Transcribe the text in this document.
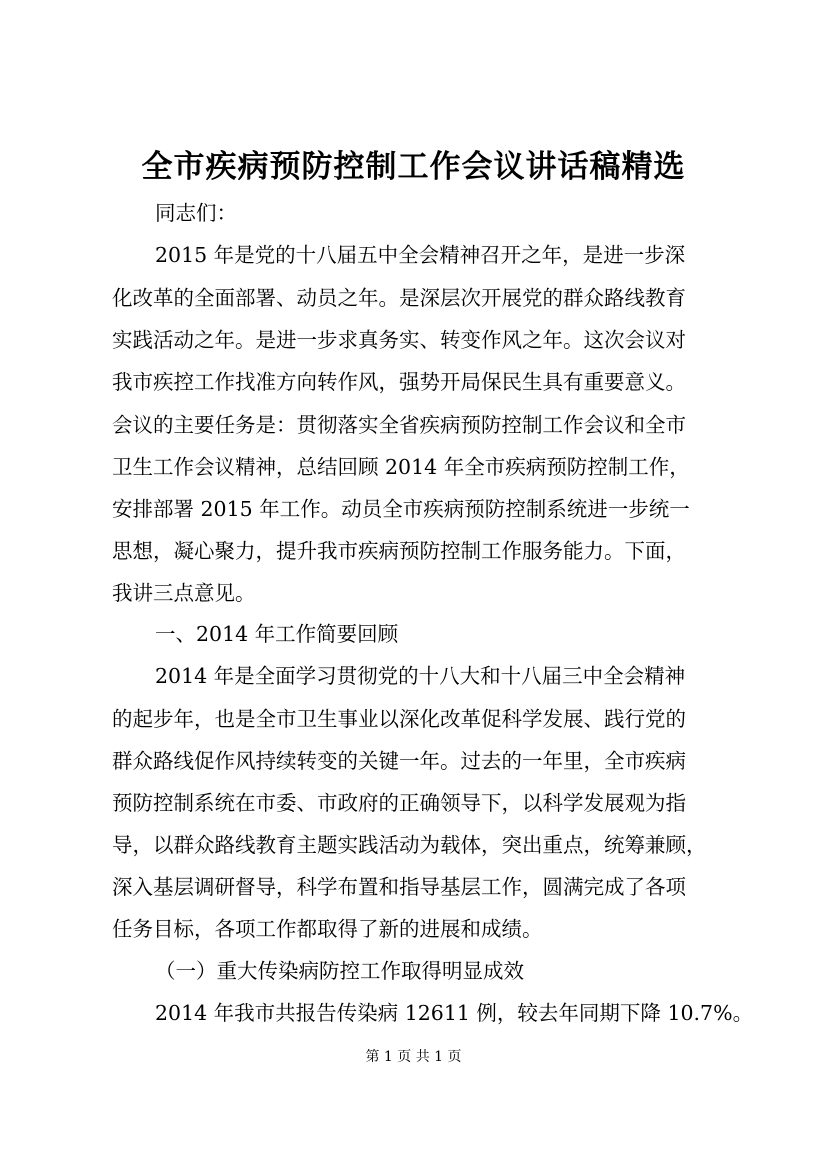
全市疾病预防控制工作会议讲话稿精选
同志们：
2015 年是党的十八届五中全会精神召开之年，是进一步深
化改革的全面部署、动员之年。是深层次开展党的群众路线教育
实践活动之年。是进一步求真务实、转变作风之年。这次会议对
我市疾控工作找准方向转作风，强势开局保民生具有重要意义。
会议的主要任务是：贯彻落实全省疾病预防控制工作会议和全市
卫生工作会议精神，总结回顾 2014 年全市疾病预防控制工作，
安排部署 2015 年工作。动员全市疾病预防控制系统进一步统一
思想，凝心聚力，提升我市疾病预防控制工作服务能力。下面，
我讲三点意见。
一、2014 年工作简要回顾
2014 年是全面学习贯彻党的十八大和十八届三中全会精神
的起步年，也是全市卫生事业以深化改革促科学发展、践行党的
群众路线促作风持续转变的关键一年。过去的一年里，全市疾病
预防控制系统在市委、市政府的正确领导下，以科学发展观为指
导，以群众路线教育主题实践活动为载体，突出重点，统筹兼顾，
深入基层调研督导，科学布置和指导基层工作，圆满完成了各项
任务目标，各项工作都取得了新的进展和成绩。
（一）重大传染病防控工作取得明显成效
2014 年我市共报告传染病 12611 例，较去年同期下降 10.7%。
第 1 页 共 1 页
